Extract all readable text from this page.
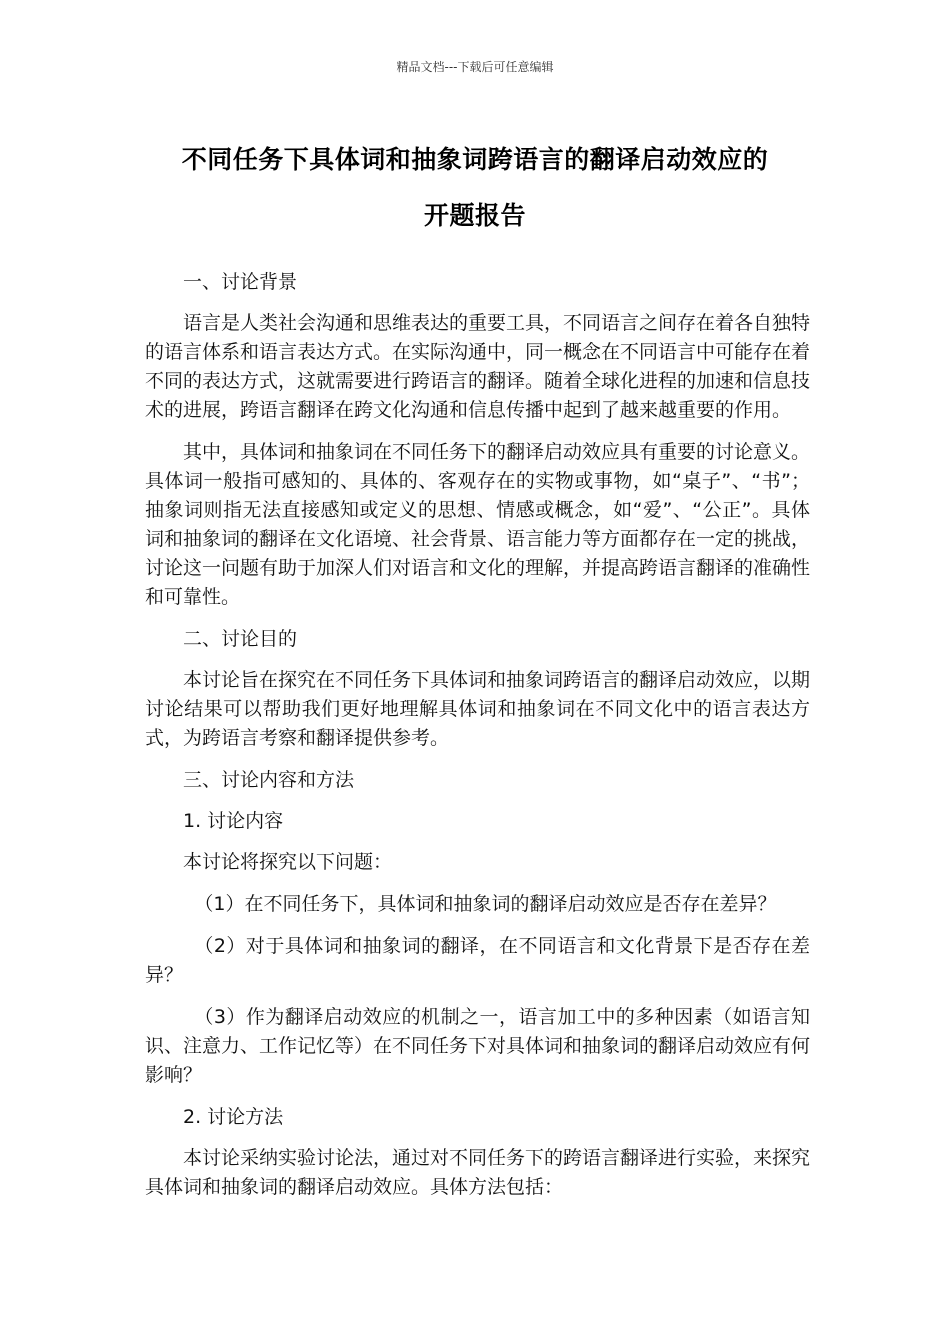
精品文档---下载后可任意编辑
不同任务下具体词和抽象词跨语言的翻译启动效应的
开题报告

一、讨论背景

语言是人类社会沟通和思维表达的重要工具，不同语言之间存在着各自独特的语言体系和语言表达方式。在实际沟通中，同一概念在不同语言中可能存在着不同的表达方式，这就需要进行跨语言的翻译。随着全球化进程的加速和信息技术的进展，跨语言翻译在跨文化沟通和信息传播中起到了越来越重要的作用。

其中，具体词和抽象词在不同任务下的翻译启动效应具有重要的讨论意义。具体词一般指可感知的、具体的、客观存在的实物或事物，如“桌子”、“书”；抽象词则指无法直接感知或定义的思想、情感或概念，如“爱”、“公正”。具体词和抽象词的翻译在文化语境、社会背景、语言能力等方面都存在一定的挑战，讨论这一问题有助于加深人们对语言和文化的理解，并提高跨语言翻译的准确性和可靠性。

二、讨论目的

本讨论旨在探究在不同任务下具体词和抽象词跨语言的翻译启动效应，以期讨论结果可以帮助我们更好地理解具体词和抽象词在不同文化中的语言表达方式，为跨语言考察和翻译提供参考。

三、讨论内容和方法

1. 讨论内容

本讨论将探究以下问题：

（1）在不同任务下，具体词和抽象词的翻译启动效应是否存在差异？

（2）对于具体词和抽象词的翻译，在不同语言和文化背景下是否存在差异？

（3）作为翻译启动效应的机制之一，语言加工中的多种因素（如语言知识、注意力、工作记忆等）在不同任务下对具体词和抽象词的翻译启动效应有何影响？

2. 讨论方法

本讨论采纳实验讨论法，通过对不同任务下的跨语言翻译进行实验，来探究具体词和抽象词的翻译启动效应。具体方法包括：
